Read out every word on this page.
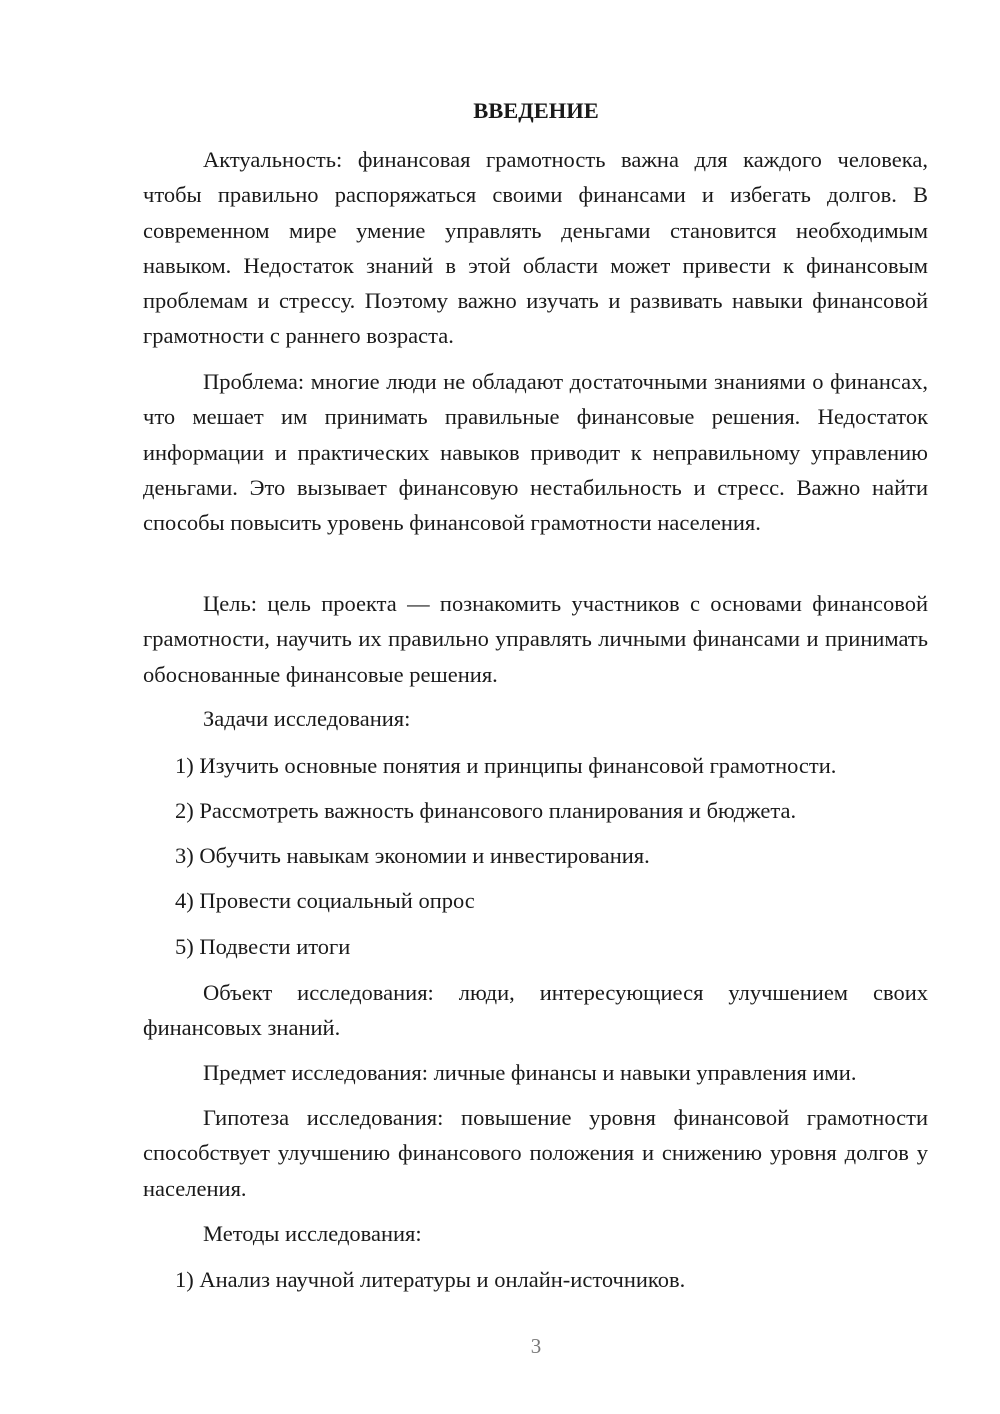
ВВЕДЕНИЕ

Актуальность: финансовая грамотность важна для каждого человека, чтобы правильно распоряжаться своими финансами и избегать долгов. В современном мире умение управлять деньгами становится необходимым навыком. Недостаток знаний в этой области может привести к финансовым проблемам и стрессу. Поэтому важно изучать и развивать навыки финансовой грамотности с раннего возраста.

Проблема: многие люди не обладают достаточными знаниями о финансах, что мешает им принимать правильные финансовые решения. Недостаток информации и практических навыков приводит к неправильному управлению деньгами. Это вызывает финансовую нестабильность и стресс. Важно найти способы повысить уровень финансовой грамотности населения.

Цель: цель проекта — познакомить участников с основами финансовой грамотности, научить их правильно управлять личными финансами и принимать обоснованные финансовые решения.

Задачи исследования:

1) Изучить основные понятия и принципы финансовой грамотности.

2) Рассмотреть важность финансового планирования и бюджета.

3) Обучить навыкам экономии и инвестирования.

4) Провести социальный опрос

5) Подвести итоги

Объект исследования: люди, интересующиеся улучшением своих финансовых знаний.

Предмет исследования: личные финансы и навыки управления ими.

Гипотеза исследования: повышение уровня финансовой грамотности способствует улучшению финансового положения и снижению уровня долгов у населения.

Методы исследования:

1) Анализ научной литературы и онлайн-источников.

3
